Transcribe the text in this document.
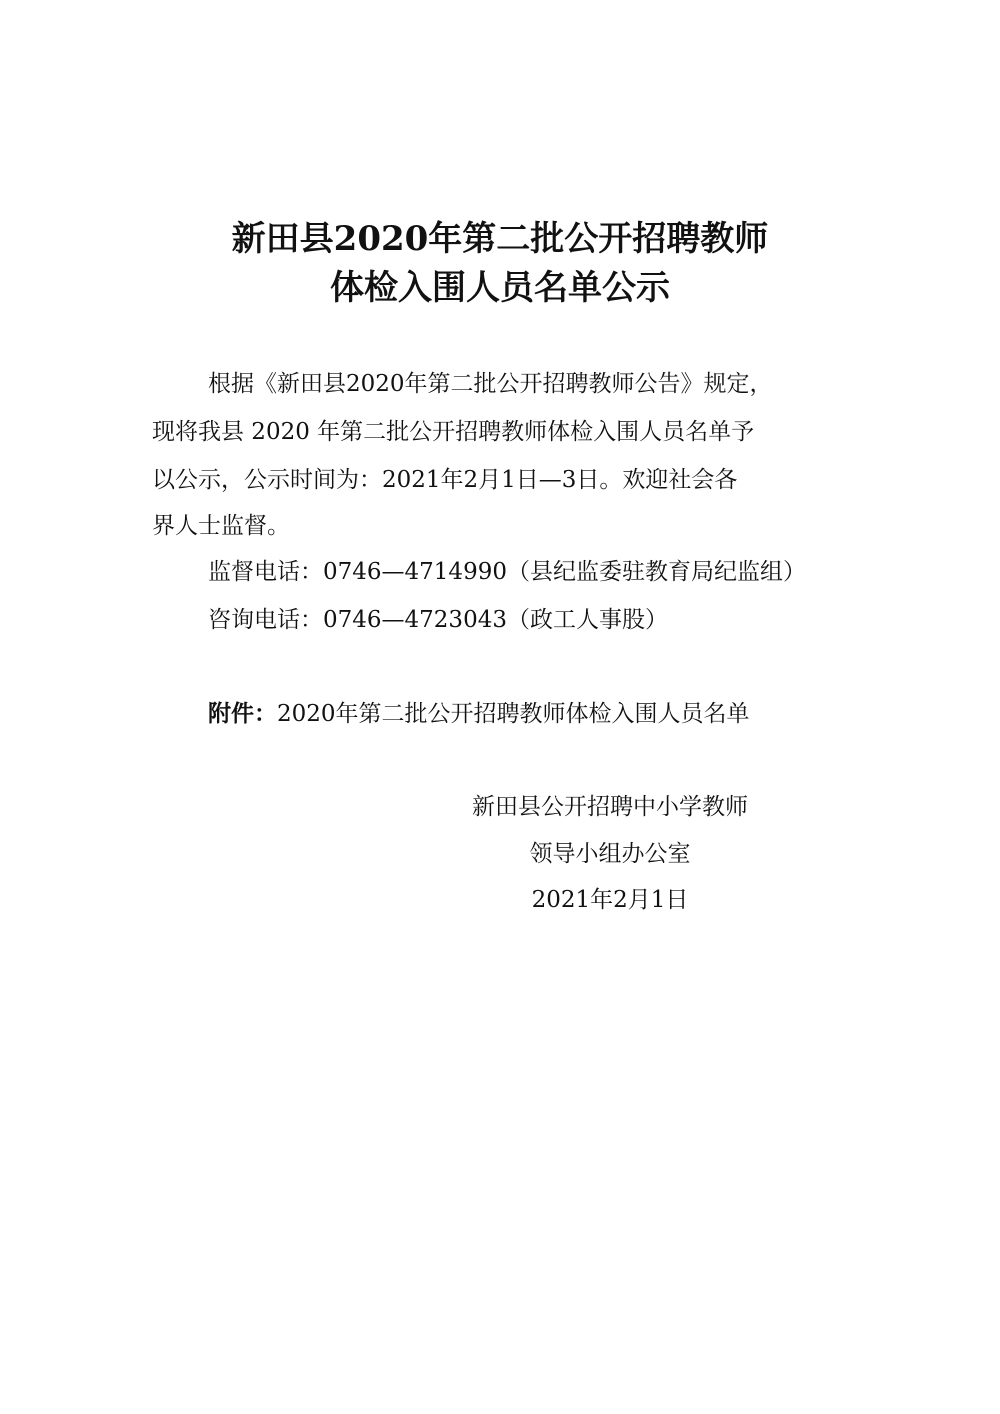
新田县2020年第二批公开招聘教师
体检入围人员名单公示
根据《新田县2020年第二批公开招聘教师公告》规定，
现将我县 2020 年第二批公开招聘教师体检入围人员名单予
以公示，公示时间为：2021年2月1日—3日。欢迎社会各
界人士监督。
监督电话：0746—4714990（县纪监委驻教育局纪监组）
咨询电话：0746—4723043（政工人事股）
附件：2020年第二批公开招聘教师体检入围人员名单
新田县公开招聘中小学教师
领导小组办公室
2021年2月1日
